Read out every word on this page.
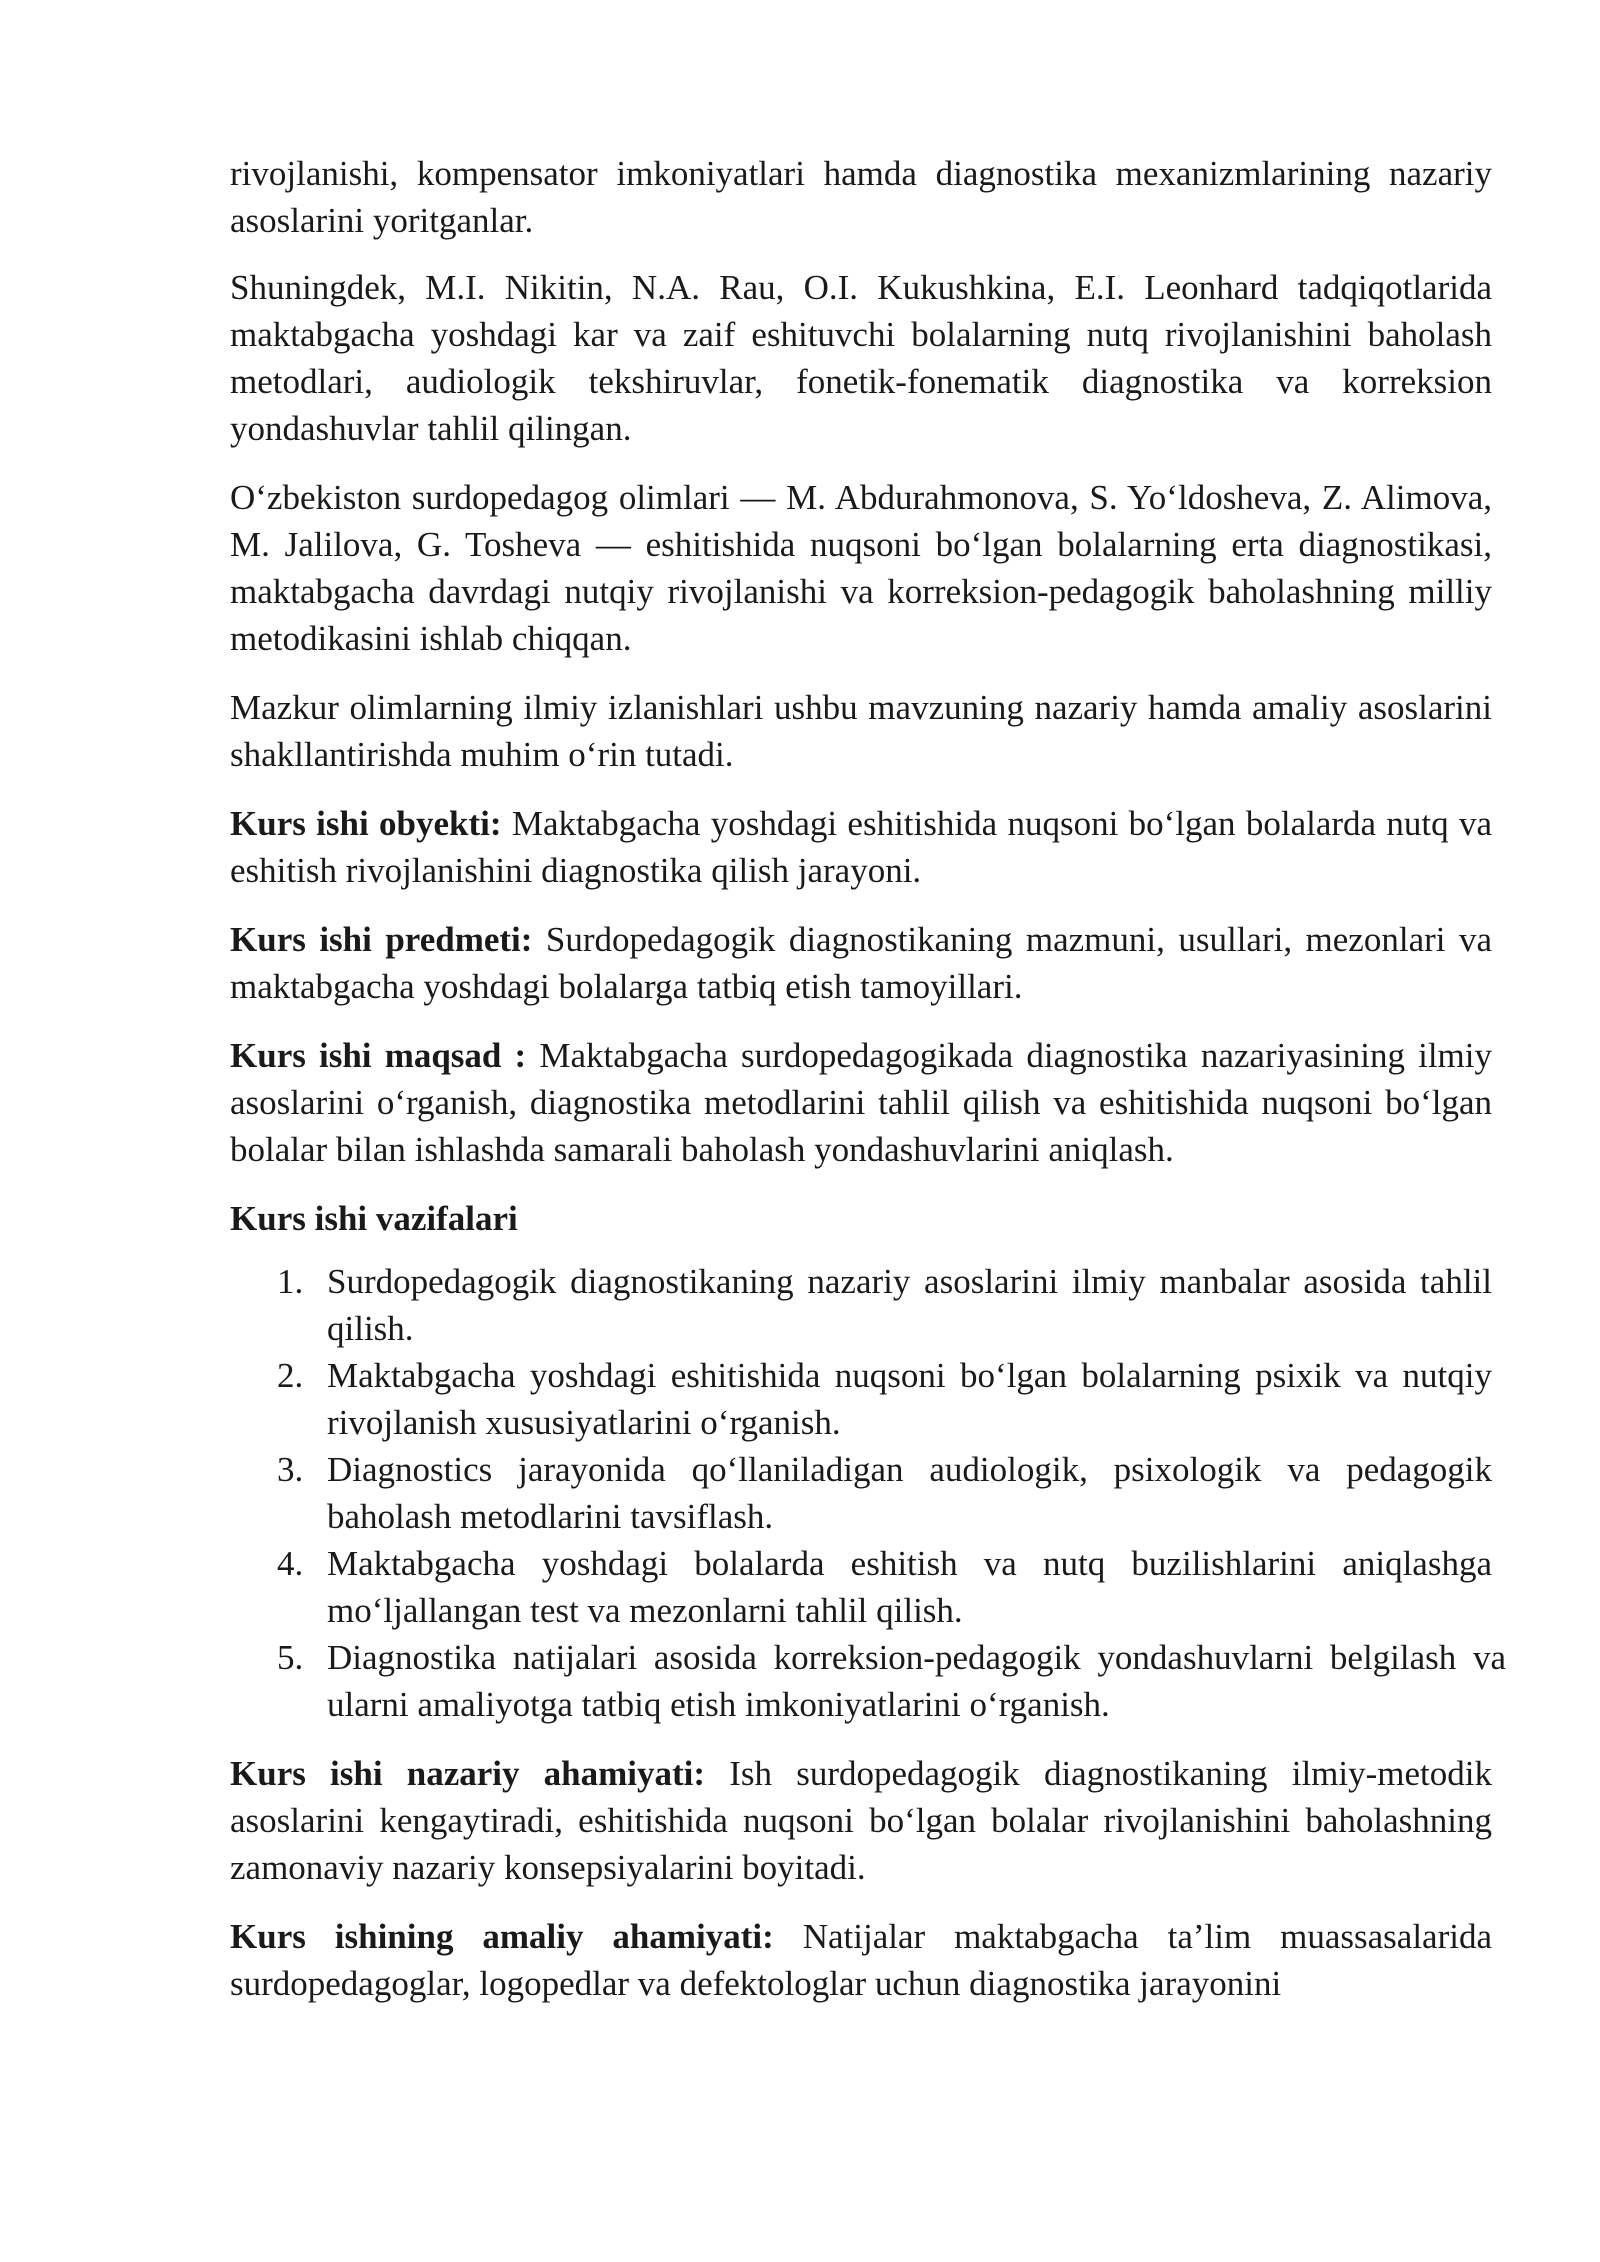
rivojlanishi, kompensator imkoniyatlari hamda diagnostika mexanizmlarining nazariy asoslarini yoritganlar.

Shuningdek, M.I. Nikitin, N.A. Rau, O.I. Kukushkina, E.I. Leonhard tadqiqotlarida maktabgacha yoshdagi kar va zaif eshituvchi bolalarning nutq rivojlanishini baholash metodlari, audiologik tekshiruvlar, fonetik-fonematik diagnostika va korreksion yondashuvlar tahlil qilingan.

O‘zbekiston surdopedagog olimlari — M. Abdurahmonova, S. Yo‘ldosheva, Z. Alimova, M. Jalilova, G. Tosheva — eshitishida nuqsoni bo‘lgan bolalarning erta diagnostikasi, maktabgacha davrdagi nutqiy rivojlanishi va korreksion-pedagogik baholashning milliy metodikasini ishlab chiqqan.

Mazkur olimlarning ilmiy izlanishlari ushbu mavzuning nazariy hamda amaliy asoslarini shakllantirishda muhim o‘rin tutadi.

Kurs ishi obyekti: Maktabgacha yoshdagi eshitishida nuqsoni bo‘lgan bolalarda nutq va eshitish rivojlanishini diagnostika qilish jarayoni.

Kurs ishi predmeti: Surdopedagogik diagnostikaning mazmuni, usullari, mezonlari va maktabgacha yoshdagi bolalarga tatbiq etish tamoyillari.

Kurs ishi maqsad : Maktabgacha surdopedagogikada diagnostika nazariyasining ilmiy asoslarini o‘rganish, diagnostika metodlarini tahlil qilish va eshitishida nuqsoni bo‘lgan bolalar bilan ishlashda samarali baholash yondashuvlarini aniqlash.

Kurs ishi vazifalari
1. Surdopedagogik diagnostikaning nazariy asoslarini ilmiy manbalar asosida tahlil qilish.
2. Maktabgacha yoshdagi eshitishida nuqsoni bo‘lgan bolalarning psixik va nutqiy rivojlanish xususiyatlarini o‘rganish.
3. Diagnostics jarayonida qo‘llaniladigan audiologik, psixologik va pedagogik baholash metodlarini tavsiflash.
4. Maktabgacha yoshdagi bolalarda eshitish va nutq buzilishlarini aniqlashga mo‘ljallangan test va mezonlarni tahlil qilish.
5. Diagnostika natijalari asosida korreksion-pedagogik yondashuvlarni belgilash va ularni amaliyotga tatbiq etish imkoniyatlarini o‘rganish.

Kurs ishi nazariy ahamiyati: Ish surdopedagogik diagnostikaning ilmiy-metodik asoslarini kengaytiradi, eshitishida nuqsoni bo‘lgan bolalar rivojlanishini baholashning zamonaviy nazariy konsepsiyalarini boyitadi.

Kurs ishining amaliy ahamiyati: Natijalar maktabgacha ta’lim muassasalarida surdopedagoglar, logopedlar va defektologlar uchun diagnostika jarayonini
